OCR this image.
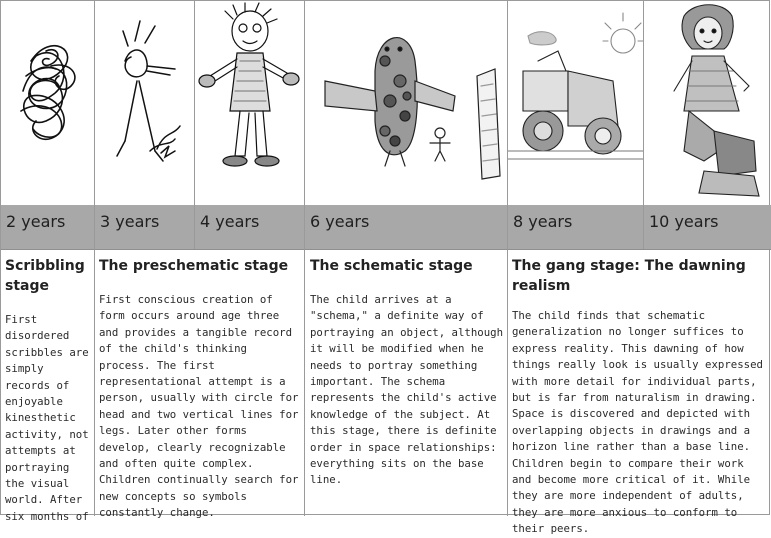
2 years	3 years	4 years	6 years	8 years	10 years
Scribbling stage

First disordered scribbles are simply records of enjoyable kinesthetic activity, not attempts at portraying the visual world. After six months of

The preschematic stage

First conscious creation of form occurs around age three and provides a tangible record of the child's thinking process. The first representational attempt is a person, usually with circle for head and two vertical lines for legs. Later other forms develop, clearly recognizable and often quite complex. Children continually search for new concepts so symbols constantly change.

The schematic stage

The child arrives at a "schema," a definite way of portraying an object, although it will be modified when he needs to portray something important. The schema represents the child's active knowledge of the subject. At this stage, there is definite order in space relationships: everything sits on the base line.

The gang stage: The dawning realism

The child finds that schematic generalization no longer suffices to express reality. This dawning of how things really look is usually expressed with more detail for individual parts, but is far from naturalism in drawing. Space is discovered and depicted with overlapping objects in drawings and a horizon line rather than a base line. Children begin to compare their work and become more critical of it. While they are more independent of adults, they are more anxious to conform to their peers.
